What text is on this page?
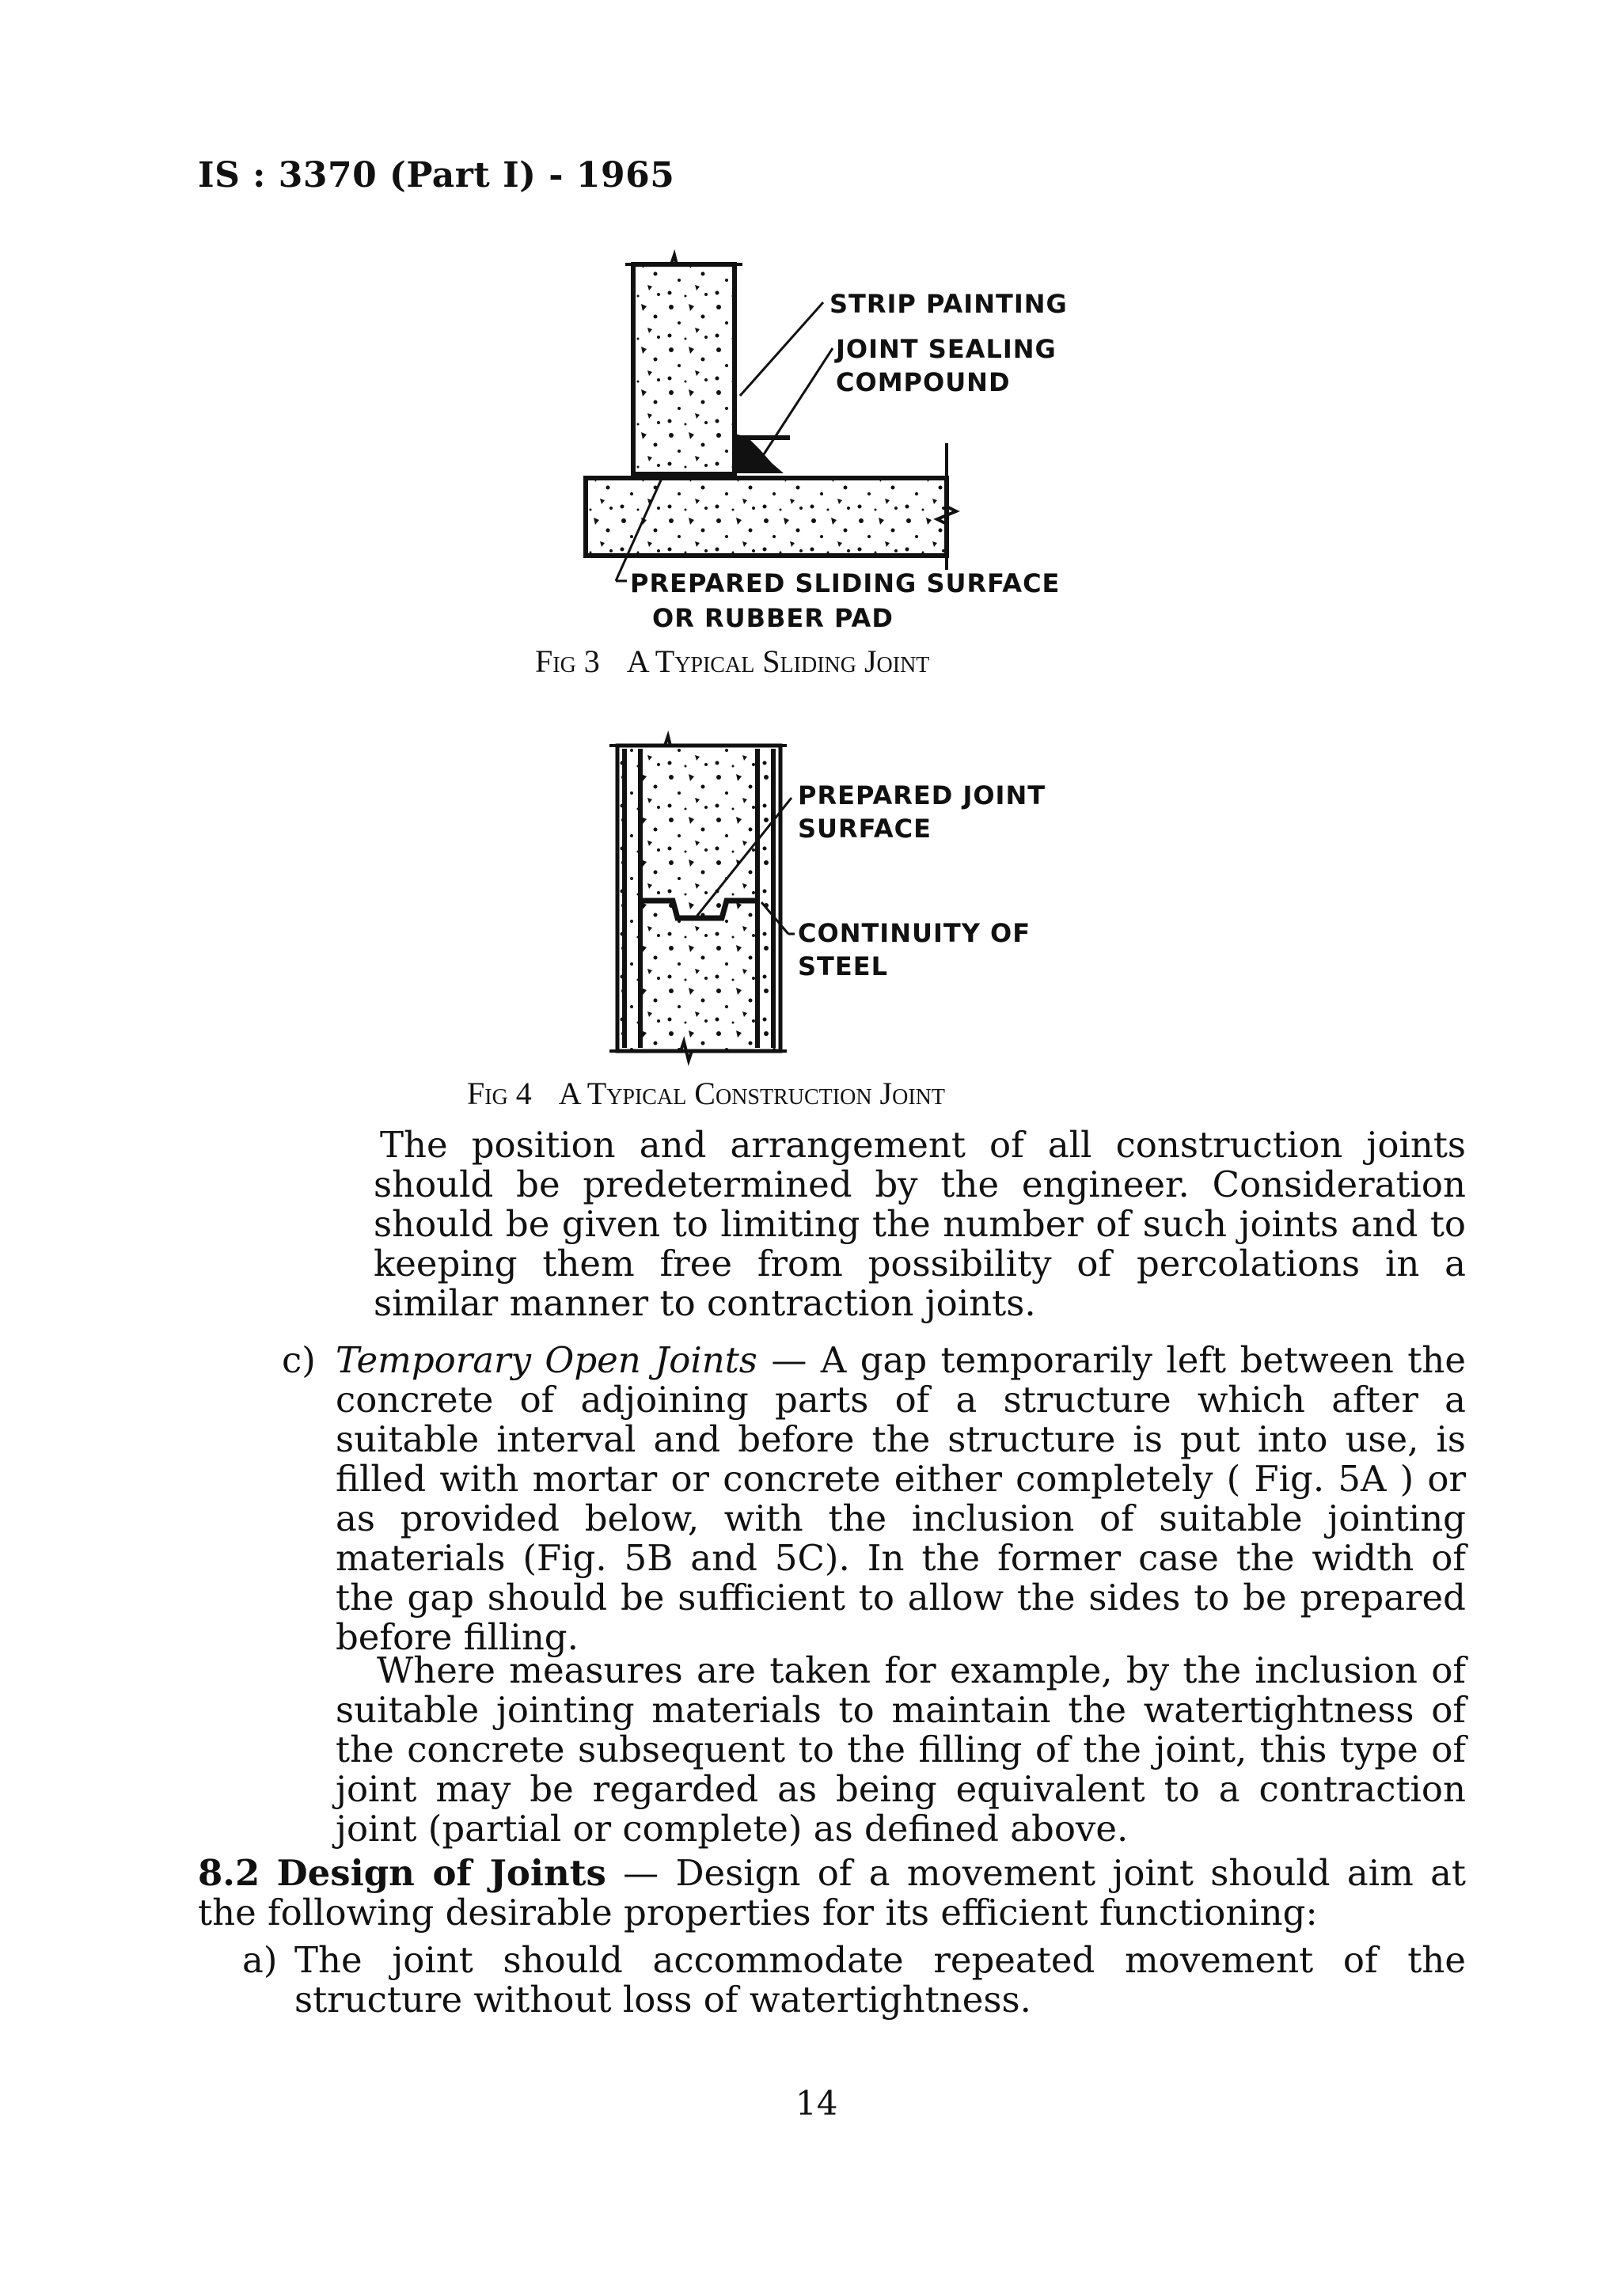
IS : 3370 (Part I) - 1965
STRIP PAINTING
JOINT SEALING
COMPOUND
PREPARED SLIDING SURFACE
OR RUBBER PAD
PREPARED JOINT
SURFACE
CONTINUITY OF
STEEL
Fig 3 A Typical Sliding Joint
Fig 4 A Typical Construction Joint
The position and arrangement of all construction joints should be predetermined by the engineer. Consideration should be given to limiting the number of such joints and to keeping them free from possibility of percolations in a similar manner to contraction joints.
c) Temporary Open Joints — A gap temporarily left between the concrete of adjoining parts of a structure which after a suitable interval and before the structure is put into use, is filled with mortar or concrete either completely ( Fig. 5A ) or as provided below, with the inclusion of suitable jointing materials (Fig. 5B and 5C). In the former case the width of the gap should be sufficient to allow the sides to be prepared before filling.
Where measures are taken for example, by the inclusion of suitable jointing materials to maintain the watertightness of the concrete subsequent to the filling of the joint, this type of joint may be regarded as being equivalent to a contraction joint (partial or complete) as defined above.
8.2 Design of Joints — Design of a movement joint should aim at the following desirable properties for its efficient functioning:
a) The joint should accommodate repeated movement of the structure without loss of watertightness.
14
